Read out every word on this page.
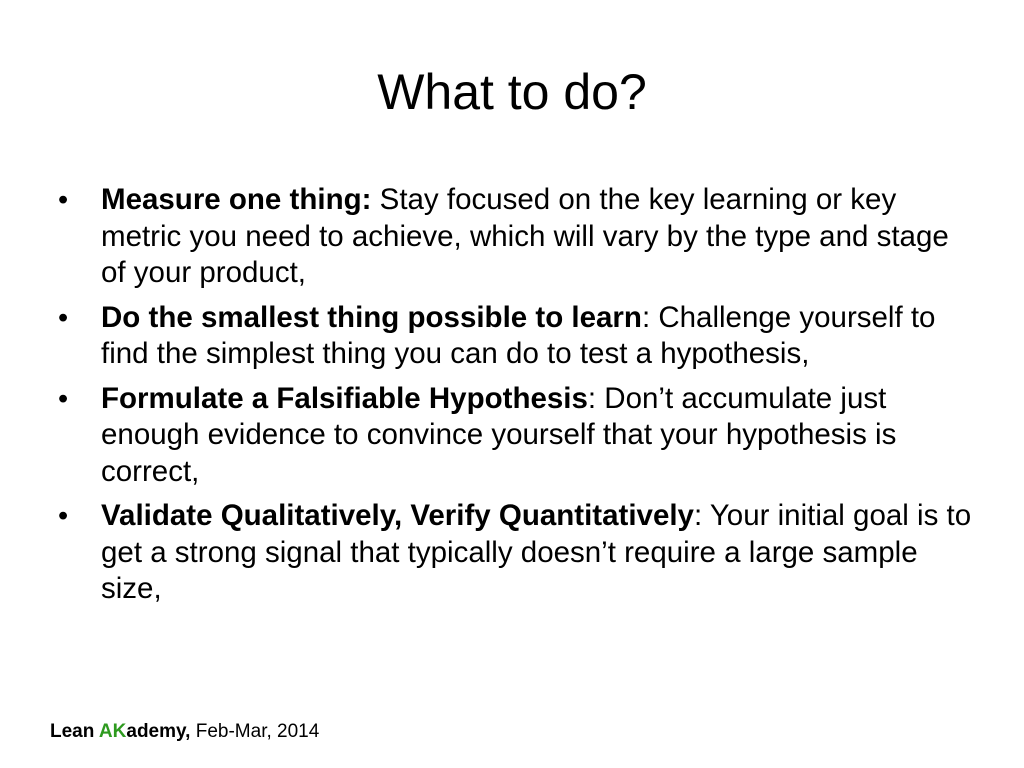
What to do?
•	Measure one thing: Stay focused on the key learning or key metric you need to achieve, which will vary by the type and stage of your product,
•	Do the smallest thing possible to learn: Challenge yourself to find the simplest thing you can do to test a hypothesis,
•	Formulate a Falsifiable Hypothesis: Don’t accumulate just enough evidence to convince yourself that your hypothesis is correct,
•	Validate Qualitatively, Verify Quantitatively: Your initial goal is to get a strong signal that typically doesn’t require a large sample size,
Lean AKademy, Feb-Mar, 2014
